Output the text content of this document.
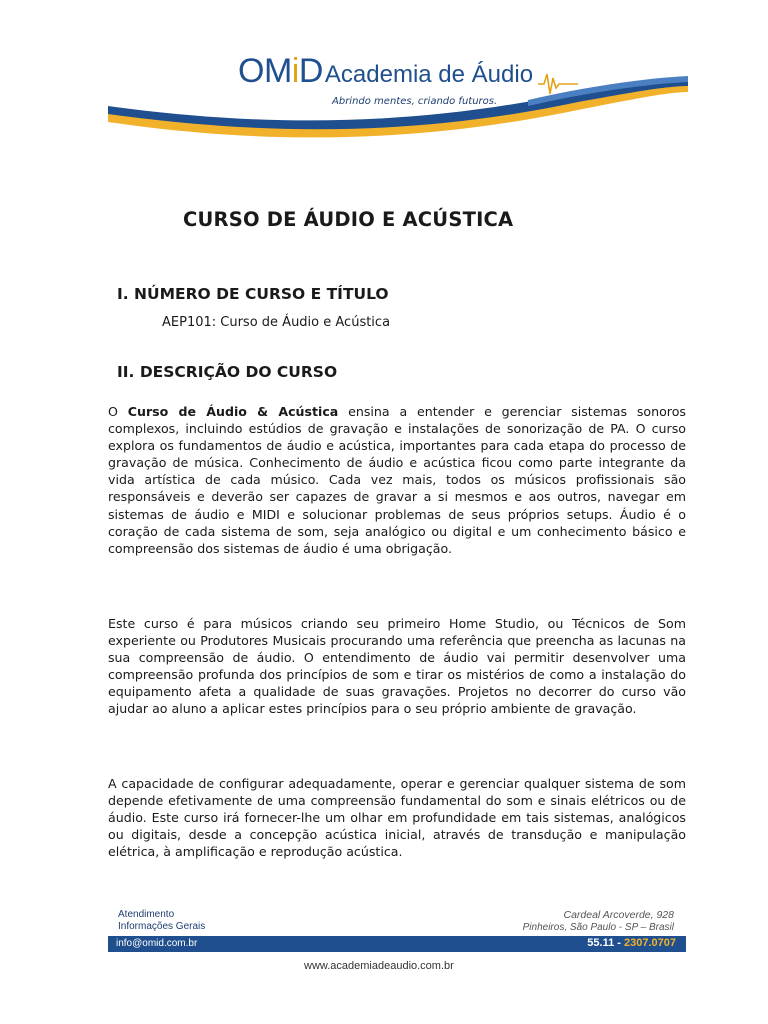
OMiDAcademia de Áudio
Abrindo mentes, criando futuros.
CURSO DE ÁUDIO E ACÚSTICA
I. NÚMERO DE CURSO E TÍTULO
AEP101: Curso de Áudio e Acústica
II. DESCRIÇÃO DO CURSO

O Curso de Áudio & Acústica ensina a entender e gerenciar sistemas sonoros complexos, incluindo estúdios de gravação e instalações de sonorização de PA. O curso explora os fundamentos de áudio e acústica, importantes para cada etapa do processo de gravação de música. Conhecimento de áudio e acústica ficou como parte integrante da vida artística de cada músico. Cada vez mais, todos os músicos profissionais são responsáveis e deverão ser capazes de gravar a si mesmos e aos outros, navegar em sistemas de áudio e MIDI e solucionar problemas de seus próprios setups. Áudio é o coração de cada sistema de som, seja analógico ou digital e um conhecimento básico e compreensão dos sistemas de áudio é uma obrigação.

Este curso é para músicos criando seu primeiro Home Studio, ou Técnicos de Som experiente ou Produtores Musicais procurando uma referência que preencha as lacunas na sua compreensão de áudio. O entendimento de áudio vai permitir desenvolver uma compreensão profunda dos princípios de som e tirar os mistérios de como a instalação do equipamento afeta a qualidade de suas gravações. Projetos no decorrer do curso vão ajudar ao aluno a aplicar estes princípios para o seu próprio ambiente de gravação.

A capacidade de configurar adequadamente, operar e gerenciar qualquer sistema de som depende efetivamente de uma compreensão fundamental do som e sinais elétricos ou de áudio. Este curso irá fornecer-lhe um olhar em profundidade em tais sistemas, analógicos ou digitais, desde a concepção acústica inicial, através de transdução e manipulação elétrica, à amplificação e reprodução acústica.

Atendimento
Informações Gerais
Cardeal Arcoverde, 928
Pinheiros, São Paulo - SP – Brasil
info@omid.com.br	55.11 - 2307.0707
www.academiadeaudio.com.br
